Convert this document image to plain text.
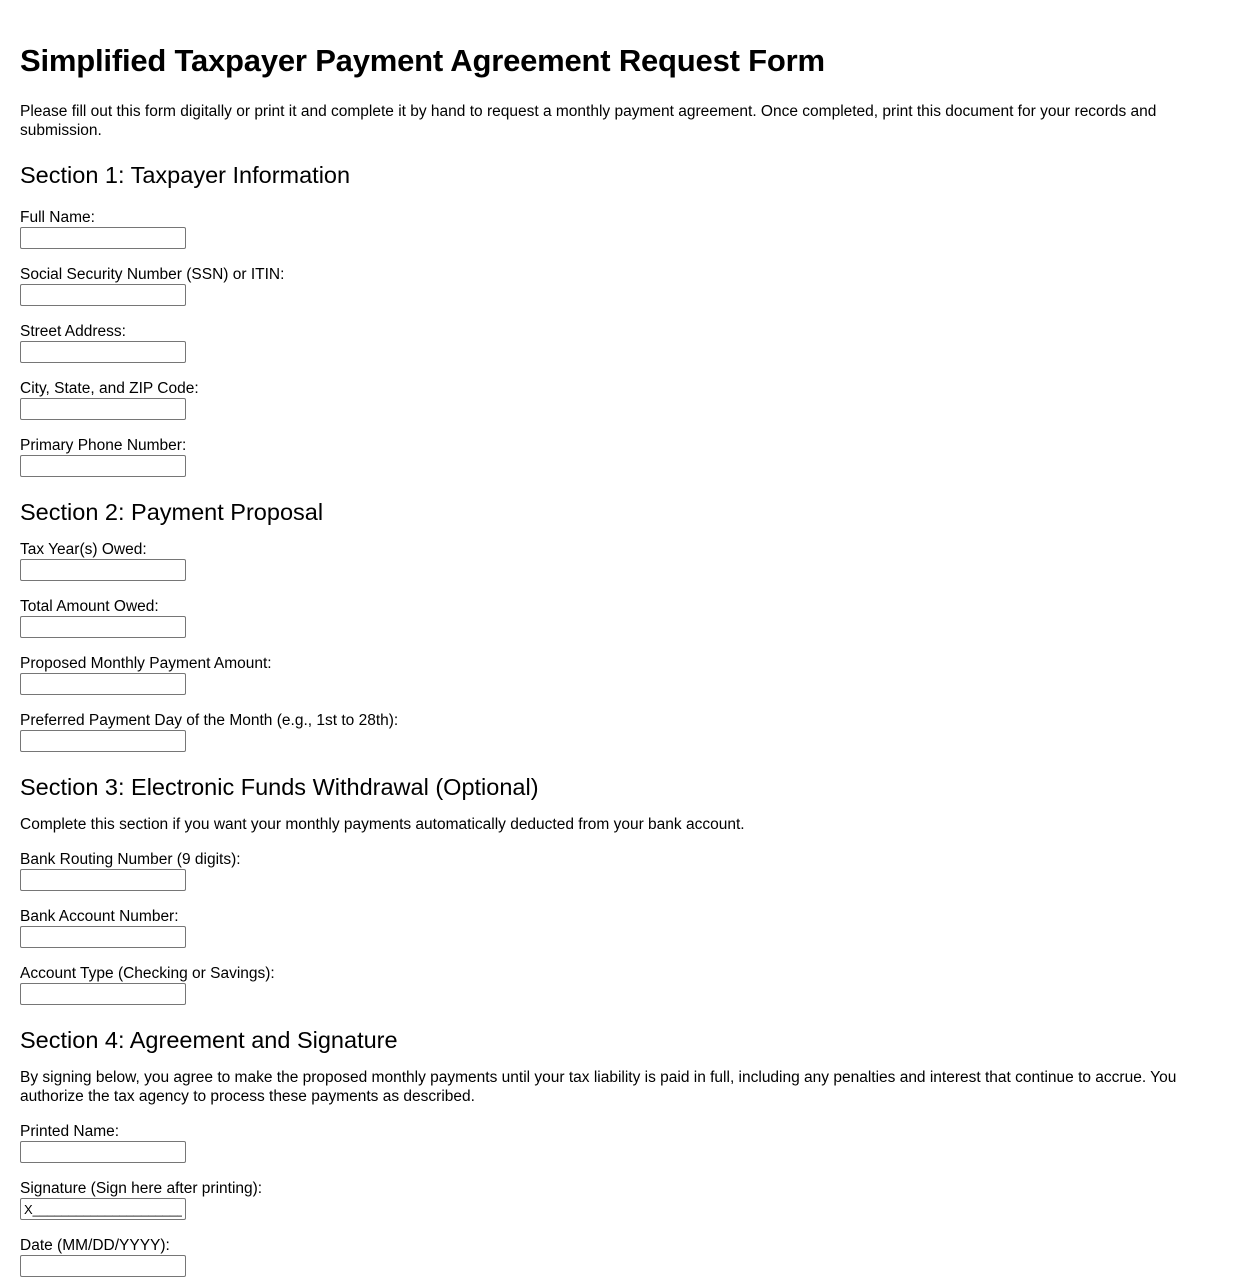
Simplified Taxpayer Payment Agreement Request Form

Please fill out this form digitally or print it and complete it by hand to request a monthly payment agreement. Once completed, print this document for your records and submission.

Section 1: Taxpayer Information
Full Name:
Social Security Number (SSN) or ITIN:
Street Address:
City, State, and ZIP Code:
Primary Phone Number:
Section 2: Payment Proposal
Tax Year(s) Owed:
Total Amount Owed:
Proposed Monthly Payment Amount:
Preferred Payment Day of the Month (e.g., 1st to 28th):
Section 3: Electronic Funds Withdrawal (Optional)

Complete this section if you want your monthly payments automatically deducted from your bank account.

Bank Routing Number (9 digits):
Bank Account Number:
Account Type (Checking or Savings):
Section 4: Agreement and Signature

By signing below, you agree to make the proposed monthly payments until your tax liability is paid in full, including any penalties and interest that continue to accrue. You authorize the tax agency to process these payments as described.

Printed Name:
Signature (Sign here after printing):
X________________________
Date (MM/DD/YYYY):
